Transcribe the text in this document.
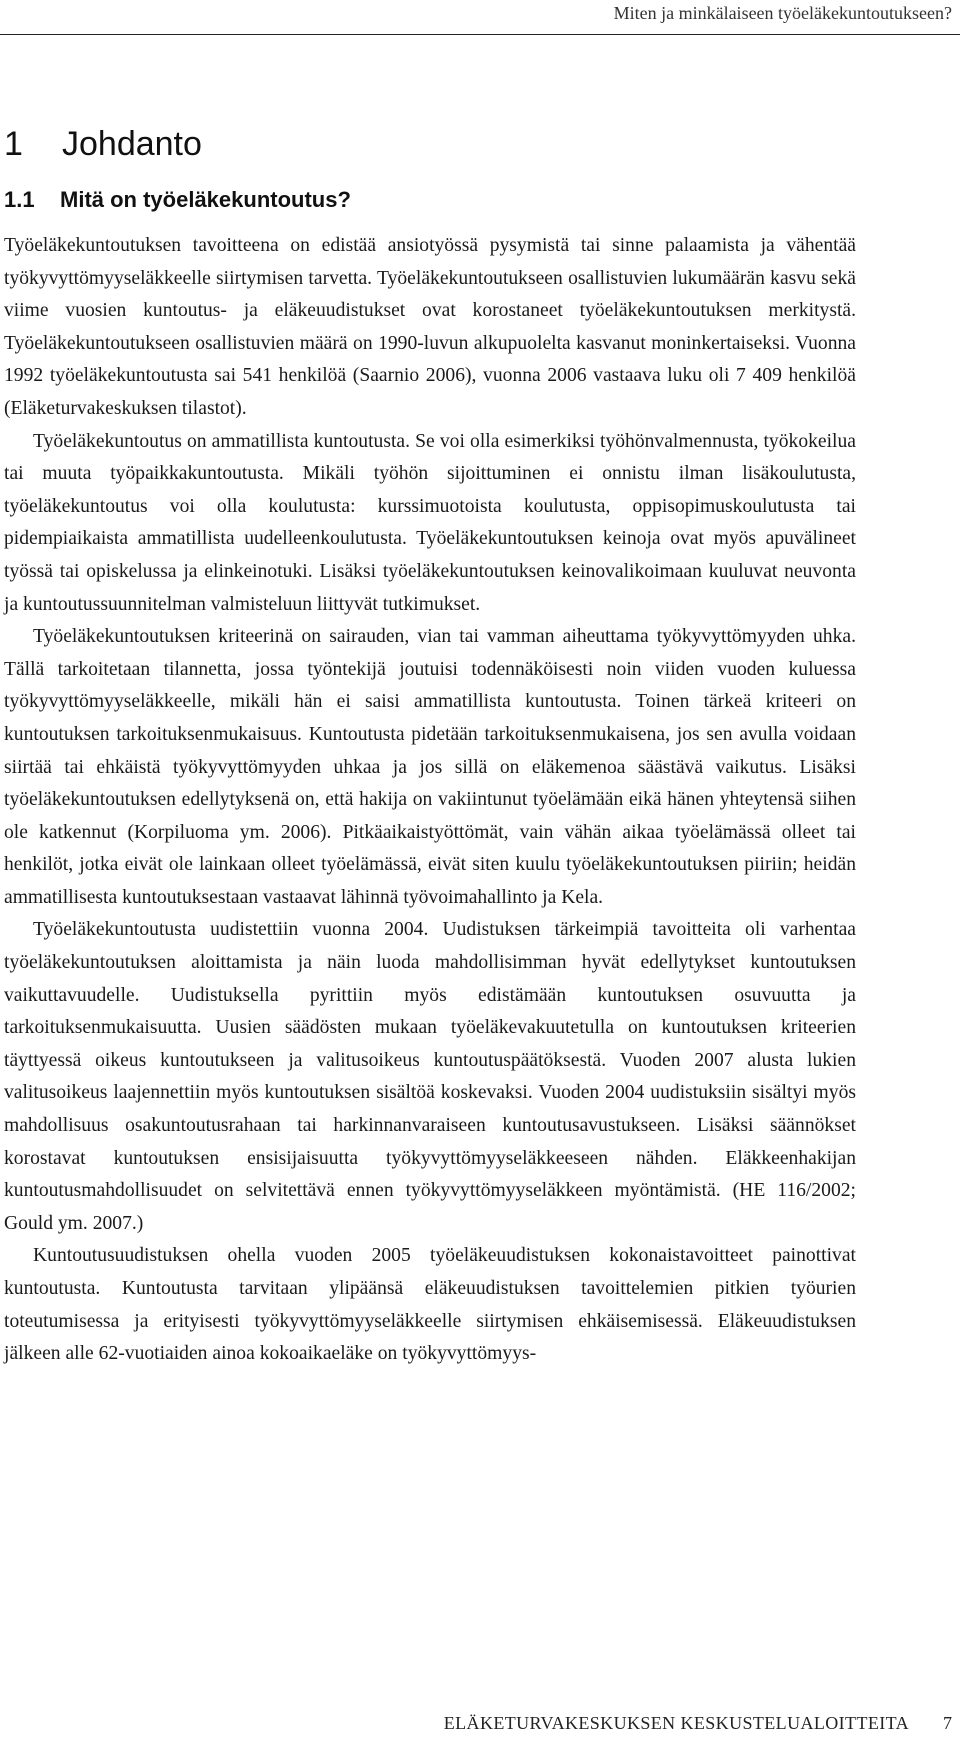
Miten ja minkälaiseen työeläkekuntoutukseen?
1 Johdanto
1.1 Mitä on työeläkekuntoutus?

Työeläkekuntoutuksen tavoitteena on edistää ansiotyössä pysymistä tai sinne palaamista ja vähentää työkyvyttömyyseläkkeelle siirtymisen tarvetta. Työeläkekuntoutukseen osallistuvien lukumäärän kasvu sekä viime vuosien kuntoutus- ja eläkeuudistukset ovat korostaneet työeläkekuntoutuksen merkitystä. Työeläkekuntoutukseen osallistuvien määrä on 1990-luvun alkupuolelta kasvanut moninkertaiseksi. Vuonna 1992 työeläkekuntoutusta sai 541 henkilöä (Saarnio 2006), vuonna 2006 vastaava luku oli 7 409 henkilöä (Eläketurvakeskuksen tilastot).

Työeläkekuntoutus on ammatillista kuntoutusta. Se voi olla esimerkiksi työhönvalmennusta, työkokeilua tai muuta työpaikkakuntoutusta. Mikäli työhön sijoittuminen ei onnistu ilman lisäkoulutusta, työeläkekuntoutus voi olla koulutusta: kurssimuotoista koulutusta, oppisopimuskoulutusta tai pidempiaikaista ammatillista uudelleenkoulutusta. Työeläkekuntoutuksen keinoja ovat myös apuvälineet työssä tai opiskelussa ja elinkeinotuki. Lisäksi työeläkekuntoutuksen keinovalikoimaan kuuluvat neuvonta ja kuntoutussuunnitelman valmisteluun liittyvät tutkimukset.

Työeläkekuntoutuksen kriteerinä on sairauden, vian tai vamman aiheuttama työkyvyttömyyden uhka. Tällä tarkoitetaan tilannetta, jossa työntekijä joutuisi todennäköisesti noin viiden vuoden kuluessa työkyvyttömyyseläkkeelle, mikäli hän ei saisi ammatillista kuntoutusta. Toinen tärkeä kriteeri on kuntoutuksen tarkoituksenmukaisuus. Kuntoutusta pidetään tarkoituksenmukaisena, jos sen avulla voidaan siirtää tai ehkäistä työkyvyttömyyden uhkaa ja jos sillä on eläkemenoa säästävä vaikutus. Lisäksi työeläkekuntoutuksen edellytyksenä on, että hakija on vakiintunut työelämään eikä hänen yhteytensä siihen ole katkennut (Korpiluoma ym. 2006). Pitkäaikaistyöttömät, vain vähän aikaa työelämässä olleet tai henkilöt, jotka eivät ole lainkaan olleet työelämässä, eivät siten kuulu työeläkekuntoutuksen piiriin; heidän ammatillisesta kuntoutuksestaan vastaavat lähinnä työvoimahallinto ja Kela.

Työeläkekuntoutusta uudistettiin vuonna 2004. Uudistuksen tärkeimpiä tavoitteita oli varhentaa työeläkekuntoutuksen aloittamista ja näin luoda mahdollisimman hyvät edellytykset kuntoutuksen vaikuttavuudelle. Uudistuksella pyrittiin myös edistämään kuntoutuksen osuvuutta ja tarkoituksenmukaisuutta. Uusien säädösten mukaan työeläkevakuutetulla on kuntoutuksen kriteerien täyttyessä oikeus kuntoutukseen ja valitusoikeus kuntoutuspäätöksestä. Vuoden 2007 alusta lukien valitusoikeus laajennettiin myös kuntoutuksen sisältöä koskevaksi. Vuoden 2004 uudistuksiin sisältyi myös mahdollisuus osakuntoutusrahaan tai harkinnanvaraiseen kuntoutusavustukseen. Lisäksi säännökset korostavat kuntoutuksen ensisijaisuutta työkyvyttömyyseläkkeeseen nähden. Eläkkeenhakijan kuntoutusmahdollisuudet on selvitettävä ennen työkyvyttömyyseläkkeen myöntämistä. (HE 116/2002; Gould ym. 2007.)

Kuntoutusuudistuksen ohella vuoden 2005 työeläkeuudistuksen kokonaistavoitteet painottivat kuntoutusta. Kuntoutusta tarvitaan ylipäänsä eläkeuudistuksen tavoittelemien pitkien työurien toteutumisessa ja erityisesti työkyvyttömyyseläkkeelle siirtymisen ehkäisemisessä. Eläkeuudistuksen jälkeen alle 62-vuotiaiden ainoa kokoaikaeläke on työkyvyttömyys-

ELÄKETURVAKESKUKSEN KESKUSTELUALOITTEITA 7
